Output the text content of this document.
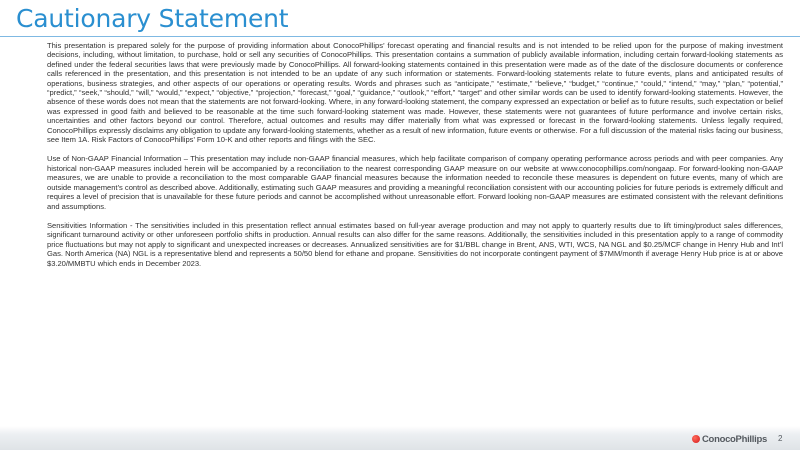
Cautionary Statement

This presentation is prepared solely for the purpose of providing information about ConocoPhillips’ forecast operating and financial results and is not intended to be relied upon for the purpose of making investment decisions, including, without limitation, to purchase, hold or sell any securities of ConocoPhillips. This presentation contains a summation of publicly available information, including certain forward-looking statements as defined under the federal securities laws that were previously made by ConocoPhillips. All forward-looking statements contained in this presentation were made as of the date of the disclosure documents or conference calls referenced in the presentation, and this presentation is not intended to be an update of any such information or statements. Forward-looking statements relate to future events, plans and anticipated results of operations, business strategies, and other aspects of our operations or operating results. Words and phrases such as “anticipate,” “estimate,” “believe,” “budget,” “continue,” “could,” “intend,” “may,” “plan,” “potential,” “predict,” “seek,” “should,” “will,” “would,” “expect,” “objective,” “projection,” “forecast,” “goal,” “guidance,” “outlook,” “effort,” “target” and other similar words can be used to identify forward-looking statements. However, the absence of these words does not mean that the statements are not forward-looking. Where, in any forward-looking statement, the company expressed an expectation or belief as to future results, such expectation or belief was expressed in good faith and believed to be reasonable at the time such forward-looking statement was made. However, these statements were not guarantees of future performance and involve certain risks, uncertainties and other factors beyond our control. Therefore, actual outcomes and results may differ materially from what was expressed or forecast in the forward-looking statements. Unless legally required, ConocoPhillips expressly disclaims any obligation to update any forward-looking statements, whether as a result of new information, future events or otherwise. For a full discussion of the material risks facing our business, see Item 1A. Risk Factors of ConocoPhillips’ Form 10-K and other reports and filings with the SEC.

Use of Non-GAAP Financial Information – This presentation may include non-GAAP financial measures, which help facilitate comparison of company operating performance across periods and with peer companies. Any historical non-GAAP measures included herein will be accompanied by a reconciliation to the nearest corresponding GAAP measure on our website at www.conocophillips.com/nongaap. For forward-looking non-GAAP measures, we are unable to provide a reconciliation to the most comparable GAAP financial measures because the information needed to reconcile these measures is dependent on future events, many of which are outside management’s control as described above. Additionally, estimating such GAAP measures and providing a meaningful reconciliation consistent with our accounting policies for future periods is extremely difficult and requires a level of precision that is unavailable for these future periods and cannot be accomplished without unreasonable effort. Forward looking non-GAAP measures are estimated consistent with the relevant definitions and assumptions.

Sensitivities Information - The sensitivities included in this presentation reflect annual estimates based on full-year average production and may not apply to quarterly results due to lift timing/product sales differences, significant turnaround activity or other unforeseen portfolio shifts in production. Annual results can also differ for the same reasons. Additionally, the sensitivities included in this presentation apply to a range of commodity price fluctuations but may not apply to significant and unexpected increases or decreases. Annualized sensitivities are for $1/BBL change in Brent, ANS, WTI, WCS, NA NGL and $0.25/MCF change in Henry Hub and Int’l Gas. North America (NA) NGL is a representative blend and represents a 50/50 blend for ethane and propane. Sensitivities do not incorporate contingent payment of $7MM/month if average Henry Hub price is at or above $3.20/MMBTU which ends in December 2023.

ConocoPhillips 2
